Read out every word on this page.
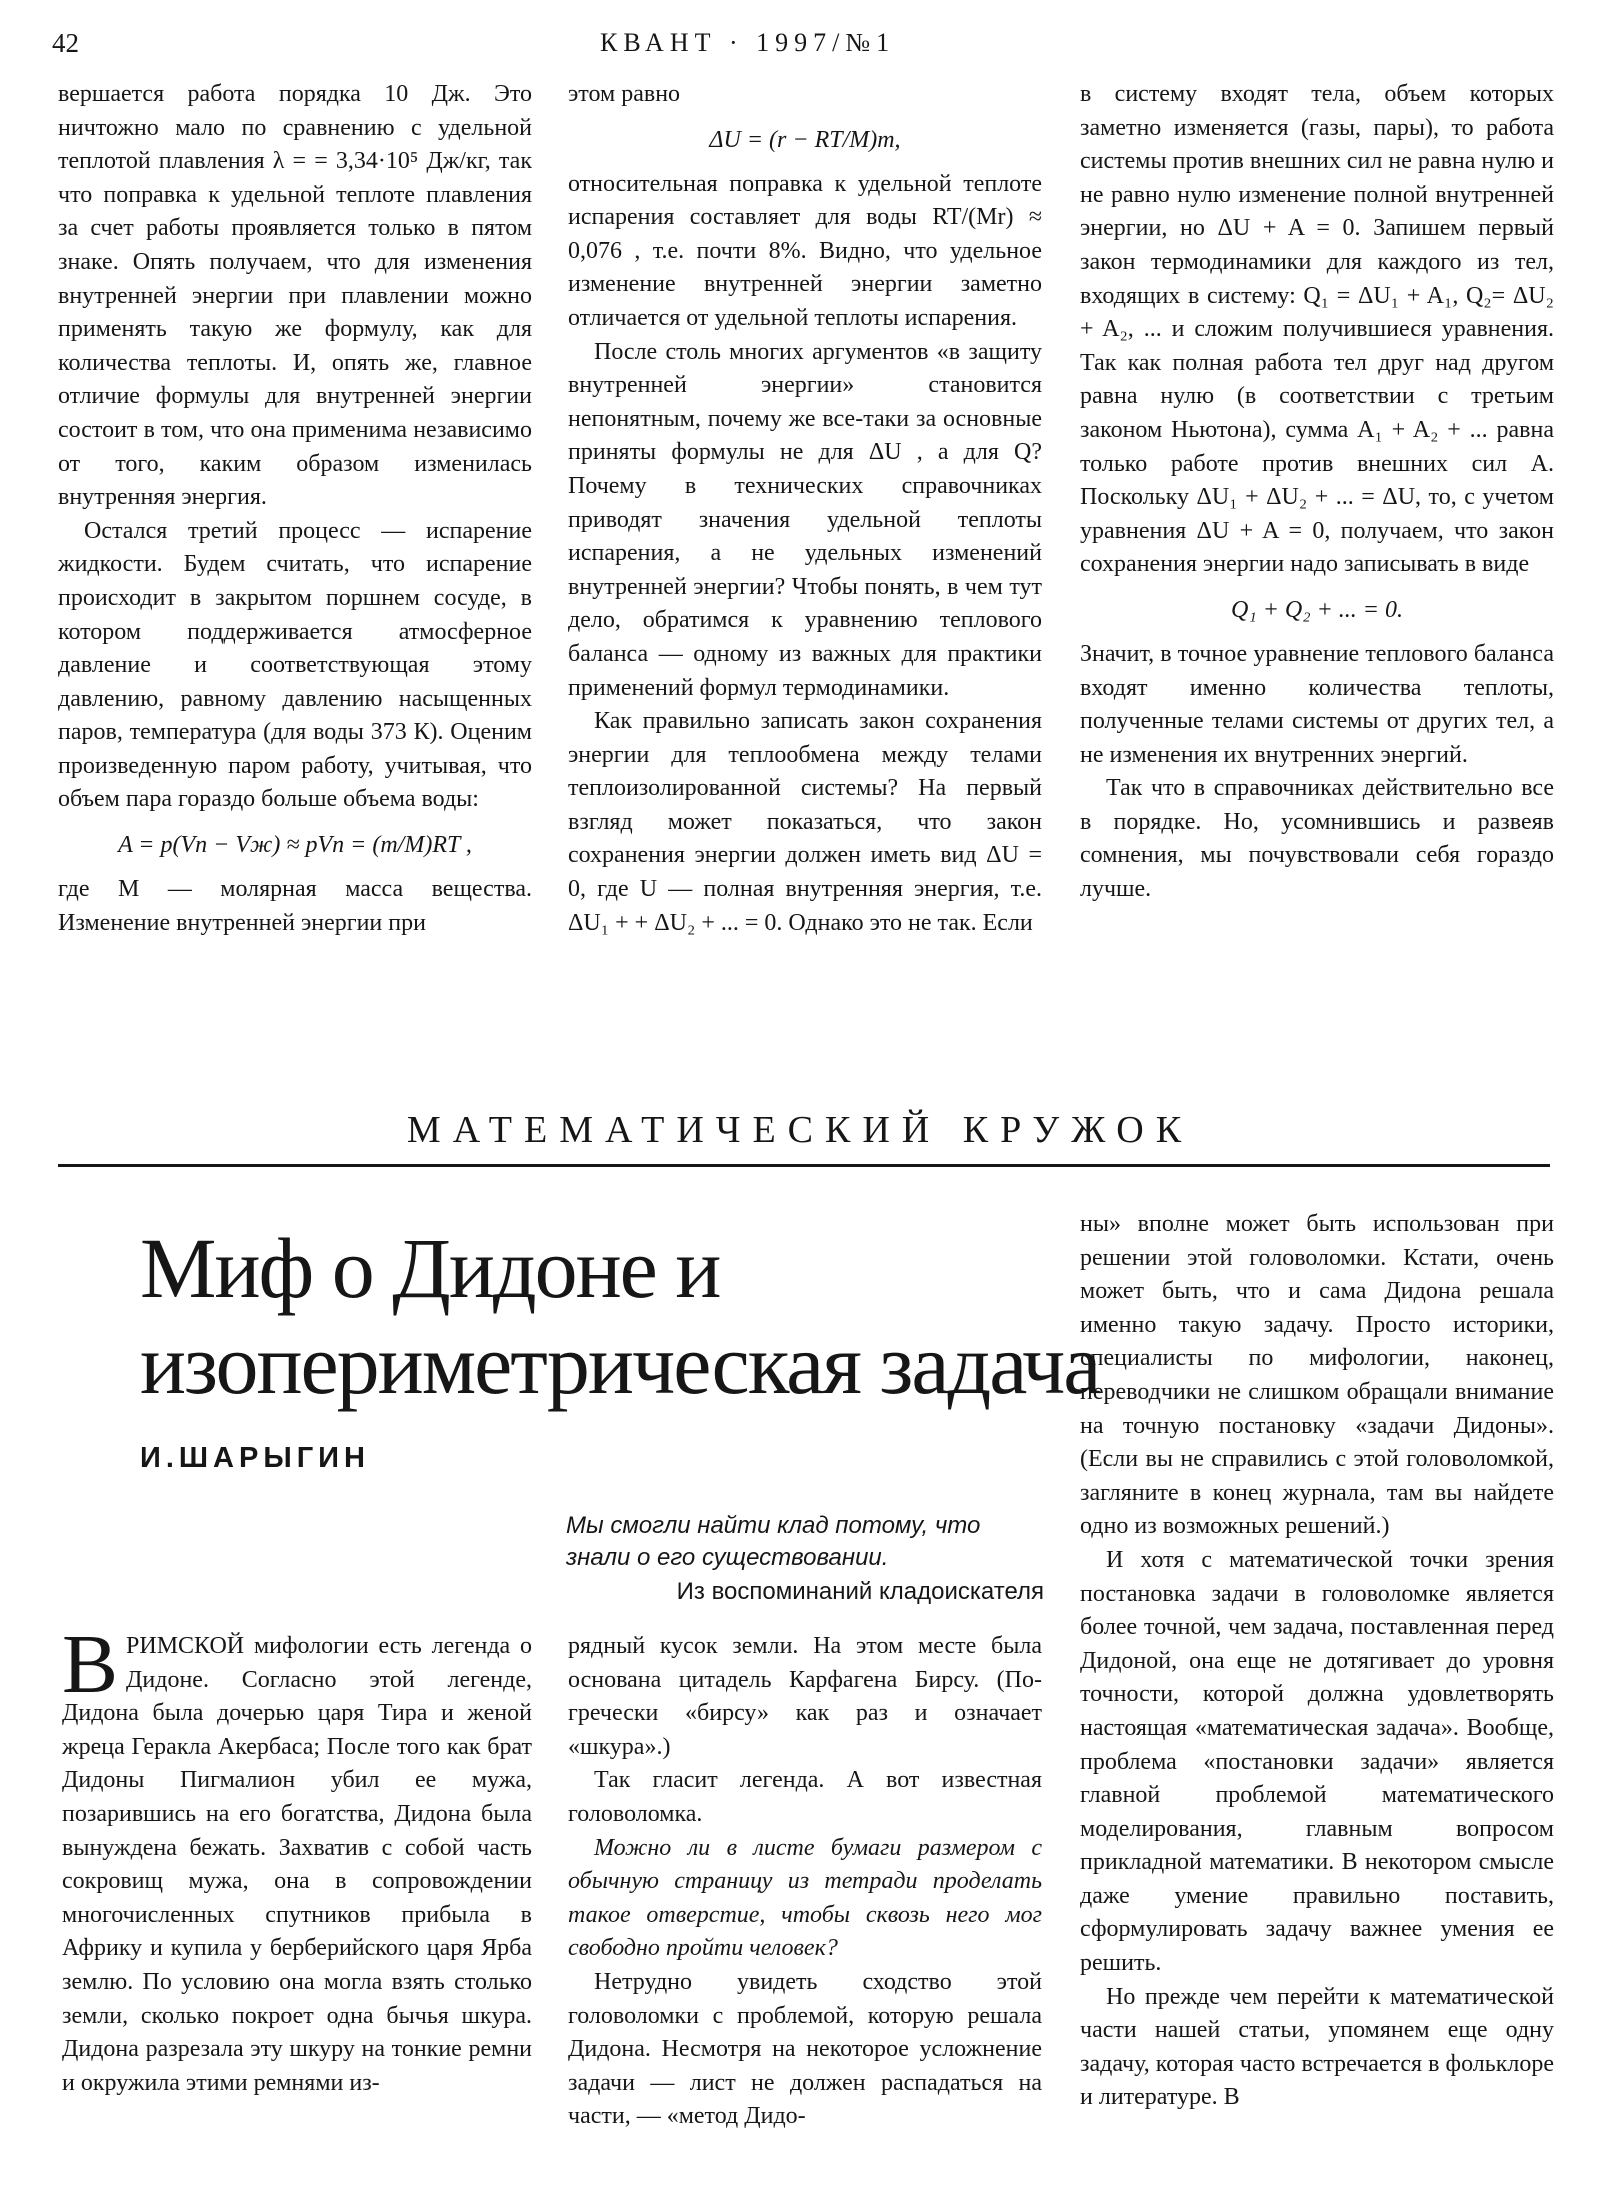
42	КВАНТ · 1997/№1

вершается работа порядка 10 Дж. Это ничтожно мало по сравнению с удельной теплотой плавления λ = = 3,34·10⁵ Дж/кг, так что поправка к удельной теплоте плавления за счет работы проявляется только в пятом знаке. Опять получаем, что для изменения внутренней энергии при плавлении можно применять такую же формулу, как для количества теплоты. И, опять же, главное отличие формулы для внутренней энергии состоит в том, что она применима независимо от того, каким образом изменилась внутренняя энергия.

Остался третий процесс — испарение жидкости. Будем считать, что испарение происходит в закрытом поршнем сосуде, в котором поддерживается атмосферное давление и соответствующая этому давлению, равному давлению насыщенных паров, температура (для воды 373 К). Оценим произведенную паром работу, учитывая, что объем пара гораздо больше объема воды:

A = p(Vп − Vж) ≈ pVп = (m/M)RT ,

где M — молярная масса вещества. Изменение внутренней энергии при

этом равно

ΔU = (r − RT/M)m,

относительная поправка к удельной теплоте испарения составляет для воды RT/(Mr) ≈ 0,076 , т.е. почти 8%. Видно, что удельное изменение внутренней энергии заметно отличается от удельной теплоты испарения.

После столь многих аргументов «в защиту внутренней энергии» становится непонятным, почему же все-таки за основные приняты формулы не для ΔU , а для Q? Почему в технических справочниках приводят значения удельной теплоты испарения, а не удельных изменений внутренней энергии? Чтобы понять, в чем тут дело, обратимся к уравнению теплового баланса — одному из важных для практики применений формул термодинамики.

Как правильно записать закон сохранения энергии для теплообмена между телами теплоизолированной системы? На первый взгляд может показаться, что закон сохранения энергии должен иметь вид ΔU = 0, где U — полная внутренняя энергия, т.е. ΔU₁ + + ΔU₂ + ... = 0. Однако это не так. Если

в систему входят тела, объем которых заметно изменяется (газы, пары), то работа системы против внешних сил не равна нулю и не равно нулю изменение полной внутренней энергии, но ΔU + A = 0. Запишем первый закон термодинамики для каждого из тел, входящих в систему: Q₁ = ΔU₁ + A₁, Q₂= ΔU₂ + A₂, ... и сложим получившиеся уравнения. Так как полная работа тел друг над другом равна нулю (в соответствии с третьим законом Ньютона), сумма A₁ + A₂ + ... равна только работе против внешних сил A. Поскольку ΔU₁ + ΔU₂ + ... = ΔU, то, с учетом уравнения ΔU + A = 0, получаем, что закон сохранения энергии надо записывать в виде

Q₁ + Q₂ + ... = 0.

Значит, в точное уравнение теплового баланса входят именно количества теплоты, полученные телами системы от других тел, а не изменения их внутренних энергий.

Так что в справочниках действительно все в порядке. Но, усомнившись и развеяв сомнения, мы почувствовали себя гораздо лучше.

МАТЕМАТИЧЕСКИЙ КРУЖОК
Миф о Дидоне и
изопериметрическая задача
И.ШАРЫГИН
Мы смогли найти клад потому, что знали о его существовании.
Из воспоминаний кладоискателя

ВРИМСКОЙ мифологии есть легенда о Дидоне. Согласно этой легенде, Дидона была дочерью царя Тира и женой жреца Геракла Акербаса; После того как брат Дидоны Пигмалион убил ее мужа, позарившись на его богатства, Дидона была вынуждена бежать. Захватив с собой часть сокровищ мужа, она в сопровождении многочисленных спутников прибыла в Африку и купила у берберийского царя Ярба землю. По условию она могла взять столько земли, сколько покроет одна бычья шкура. Дидона разрезала эту шкуру на тонкие ремни и окружила этими ремнями из-

рядный кусок земли. На этом месте была основана цитадель Карфагена Бирсу. (По-гречески «бирсу» как раз и означает «шкура».)

Так гласит легенда. А вот известная головоломка.

Можно ли в листе бумаги размером с обычную страницу из тетради проделать такое отверстие, чтобы сквозь него мог свободно пройти человек?

Нетрудно увидеть сходство этой головоломки с проблемой, которую решала Дидона. Несмотря на некоторое усложнение задачи — лист не должен распадаться на части, — «метод Дидо-

ны» вполне может быть использован при решении этой головоломки. Кстати, очень может быть, что и сама Дидона решала именно такую задачу. Просто историки, специалисты по мифологии, наконец, переводчики не слишком обращали внимание на точную постановку «задачи Дидоны». (Если вы не справились с этой головоломкой, загляните в конец журнала, там вы найдете одно из возможных решений.)

И хотя с математической точки зрения постановка задачи в головоломке является более точной, чем задача, поставленная перед Дидоной, она еще не дотягивает до уровня точности, которой должна удовлетворять настоящая «математическая задача». Вообще, проблема «постановки задачи» является главной проблемой математического моделирования, главным вопросом прикладной математики. В некотором смысле даже умение правильно поставить, сформулировать задачу важнее умения ее решить.

Но прежде чем перейти к математической части нашей статьи, упомянем еще одну задачу, которая часто встречается в фольклоре и литературе. В
